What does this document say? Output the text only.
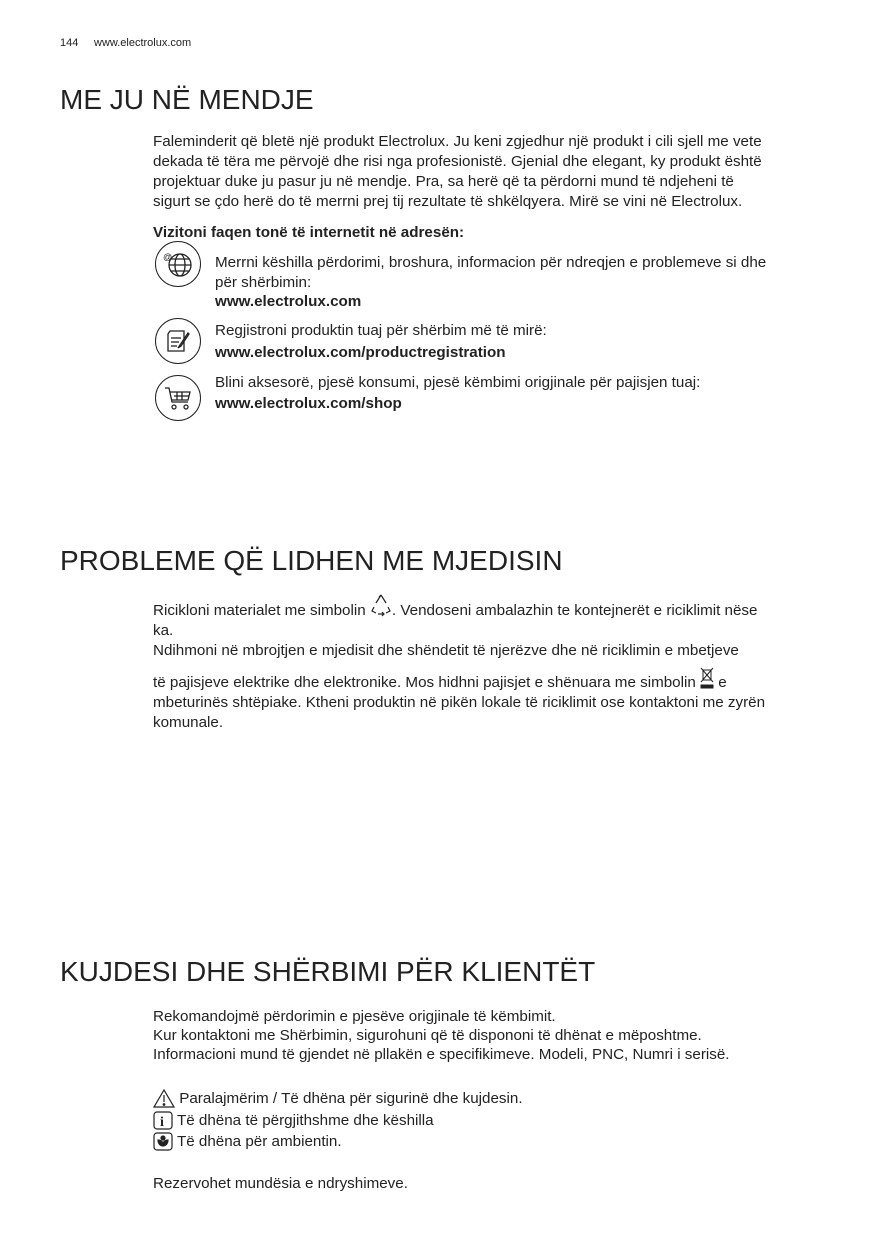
144 www.electrolux.com
ME JU NË MENDJE
Faleminderit që bletë një produkt Electrolux. Ju keni zgjedhur një produkt i cili sjell me vete
dekada të tëra me përvojë dhe risi nga profesionistë. Gjenial dhe elegant, ky produkt është
projektuar duke ju pasur ju në mendje. Pra, sa herë që ta përdorni mund të ndjeheni të
sigurt se çdo herë do të merrni prej tij rezultate të shkëlqyera. Mirë se vini në Electrolux.
Vizitoni faqen tonë të internetit në adresën:
@	Merrni këshilla përdorimi, broshura, informacion për ndreqjen e problemeve si dhe
për shërbimin:
www.electrolux.com
Regjistroni produktin tuaj për shërbim më të mirë:
www.electrolux.com/productregistration
Blini aksesorë, pjesë konsumi, pjesë këmbimi origjinale për pajisjen tuaj:
www.electrolux.com/shop
PROBLEME QË LIDHEN ME MJEDISIN
Ricikloni materialet me simbolin . Vendoseni ambalazhin te kontejnerët e riciklimit nëse
ka.
Ndihmoni në mbrojtjen e mjedisit dhe shëndetit të njerëzve dhe në riciklimin e mbetjeve
të pajisjeve elektrike dhe elektronike. Mos hidhni pajisjet e shënuara me simbolin  e
mbeturinës shtëpiake. Ktheni produktin në pikën lokale të riciklimit ose kontaktoni me zyrën
komunale.
KUJDESI DHE SHËRBIMI PËR KLIENTËT
Rekomandojmë përdorimin e pjesëve origjinale të këmbimit.
Kur kontaktoni me Shërbimin, sigurohuni që të dispononi të dhënat e mëposhtme.
Informacioni mund të gjendet në pllakën e specifikimeve. Modeli, PNC, Numri i serisë.
Paralajmërim / Të dhëna për sigurinë dhe kujdesin.
i Të dhëna të përgjithshme dhe këshilla
Të dhëna për ambientin.
Rezervohet mundësia e ndryshimeve.
